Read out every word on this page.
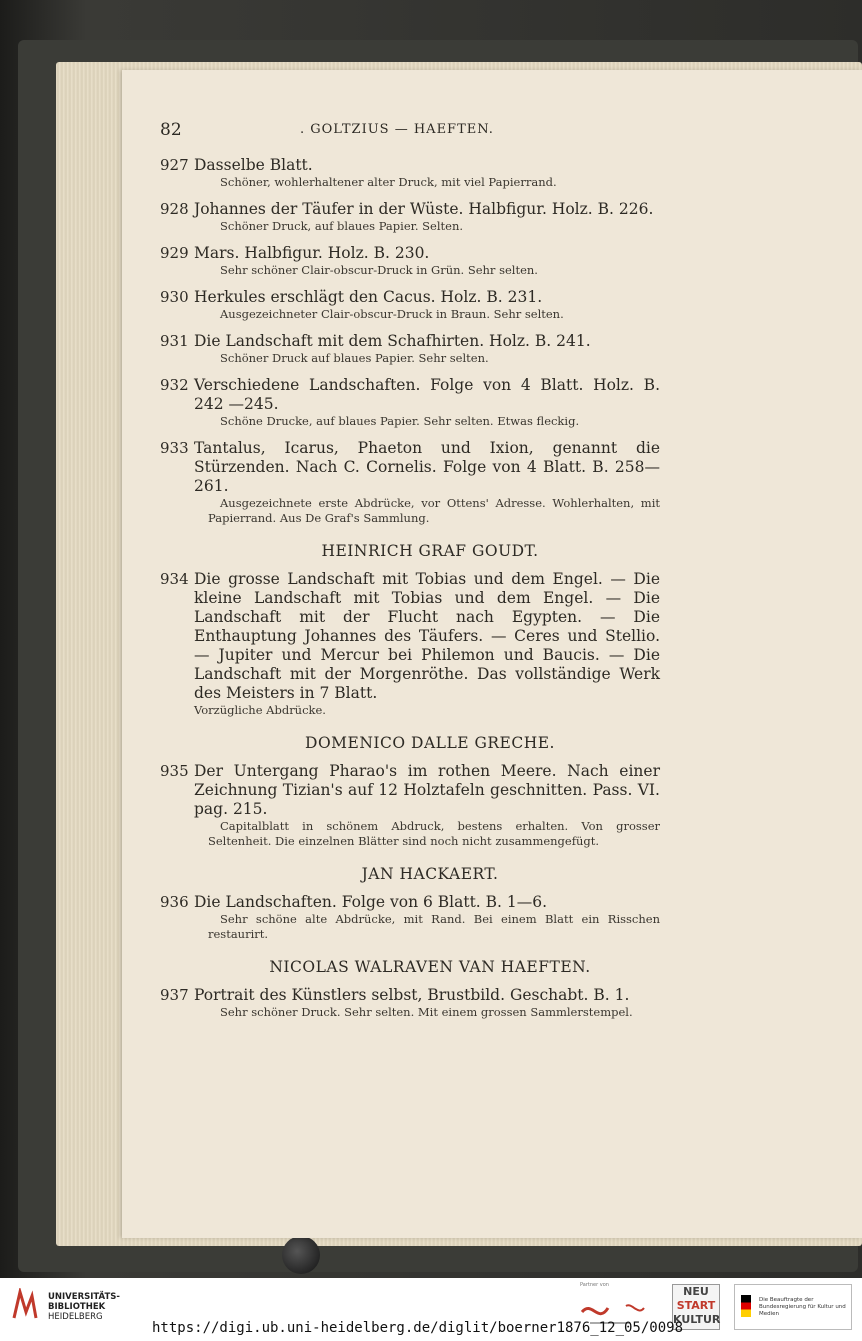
82	. GOLTZIUS — HAEFTEN.
927 Dasselbe Blatt.
Schöner, wohlerhaltener alter Druck, mit viel Papierrand.
928 Johannes der Täufer in der Wüste. Halbfigur. Holz. B. 226.
Schöner Druck, auf blaues Papier. Selten.
929 Mars. Halbfigur. Holz. B. 230.
Sehr schöner Clair-obscur-Druck in Grün. Sehr selten.
930 Herkules erschlägt den Cacus. Holz. B. 231.
Ausgezeichneter Clair-obscur-Druck in Braun. Sehr selten.
931 Die Landschaft mit dem Schafhirten. Holz. B. 241.
Schöner Druck auf blaues Papier. Sehr selten.
932 Verschiedene Landschaften. Folge von 4 Blatt. Holz. B. 242 —245.
Schöne Drucke, auf blaues Papier. Sehr selten. Etwas fleckig.
933 Tantalus, Icarus, Phaeton und Ixion, genannt die Stürzenden. Nach C. Cornelis. Folge von 4 Blatt. B. 258—261.
Ausgezeichnete erste Abdrücke, vor Ottens' Adresse. Wohlerhalten, mit Papierrand. Aus De Graf's Sammlung.
HEINRICH GRAF GOUDT.
934 Die grosse Landschaft mit Tobias und dem Engel. — Die kleine Landschaft mit Tobias und dem Engel. — Die Landschaft mit der Flucht nach Egypten. — Die Enthauptung Johannes des Täufers. — Ceres und Stellio. — Jupiter und Mercur bei Philemon und Baucis. — Die Landschaft mit der Morgenröthe. Das vollständige Werk des Meisters in 7 Blatt.
Vorzügliche Abdrücke.
DOMENICO DALLE GRECHE.
935 Der Untergang Pharao's im rothen Meere. Nach einer Zeichnung Tizian's auf 12 Holztafeln geschnitten. Pass. VI. pag. 215.
Capitalblatt in schönem Abdruck, bestens erhalten. Von grosser Seltenheit. Die einzelnen Blätter sind noch nicht zusammengefügt.
JAN HACKAERT.
936 Die Landschaften. Folge von 6 Blatt. B. 1—6.
Sehr schöne alte Abdrücke, mit Rand. Bei einem Blatt ein Risschen restaurirt.
NICOLAS WALRAVEN VAN HAEFTEN.
937 Portrait des Künstlers selbst, Brustbild. Geschabt. B. 1.
Sehr schöner Druck. Sehr selten. Mit einem grossen Sammlerstempel.
UNIVERSITÄTS-
BIBLIOTHEK
HEIDELBERG
Partner von	NEU
START
KULTUR
Die Beauftragte der Bundesregierung für Kultur und Medien
https://digi.ub.uni-heidelberg.de/diglit/boerner1876_12_05/0098
